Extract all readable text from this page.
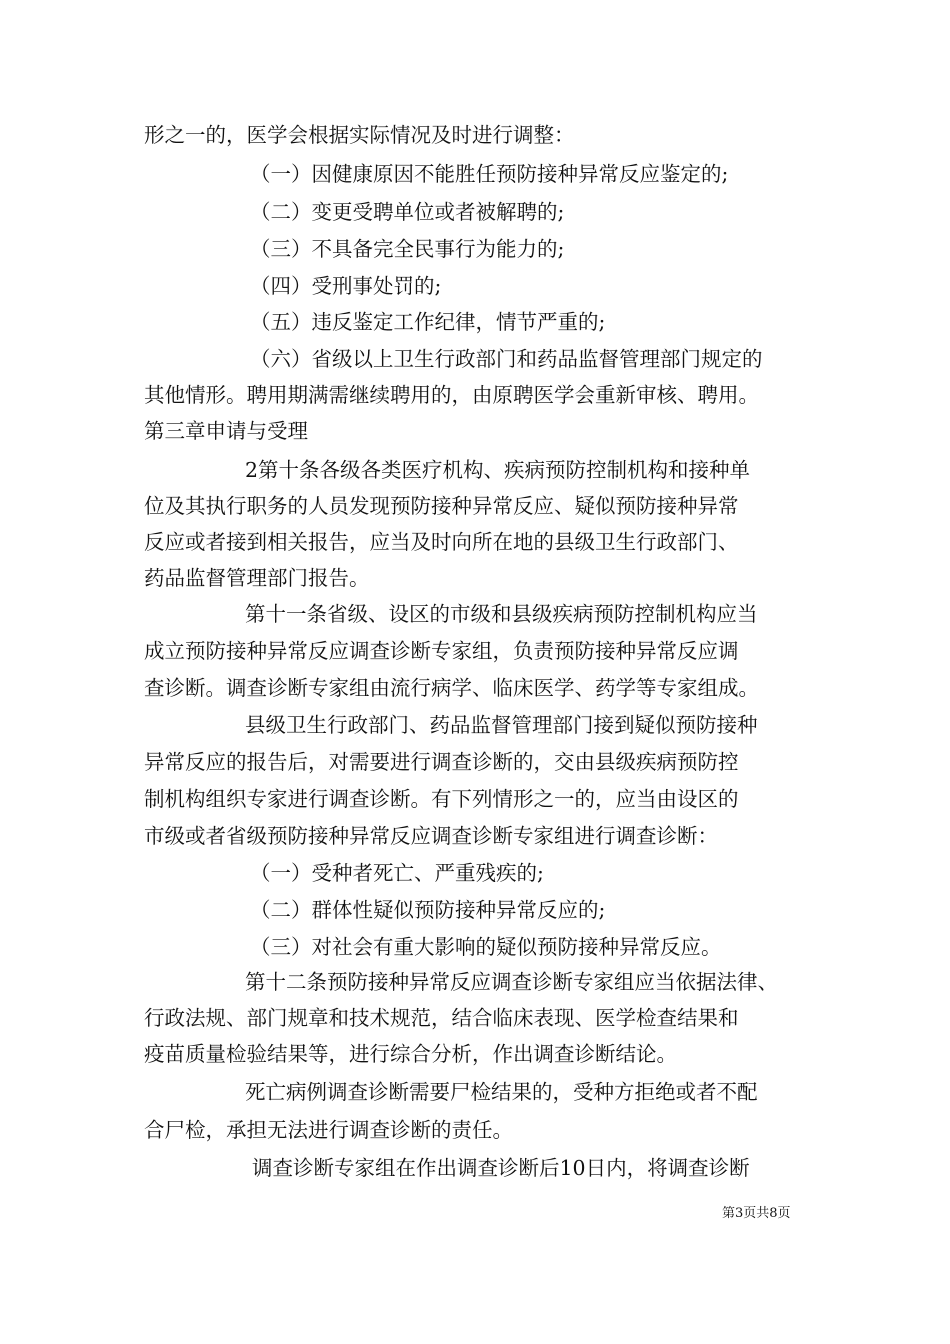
形之一的，医学会根据实际情况及时进行调整：
（一）因健康原因不能胜任预防接种异常反应鉴定的;
（二）变更受聘单位或者被解聘的;
（三）不具备完全民事行为能力的;
（四）受刑事处罚的;
（五）违反鉴定工作纪律，情节严重的;
（六）省级以上卫生行政部门和药品监督管理部门规定的
其他情形。聘用期满需继续聘用的，由原聘医学会重新审核、聘用。
第三章申请与受理
2第十条各级各类医疗机构、疾病预防控制机构和接种单
位及其执行职务的人员发现预防接种异常反应、疑似预防接种异常
反应或者接到相关报告，应当及时向所在地的县级卫生行政部门、
药品监督管理部门报告。
第十一条省级、设区的市级和县级疾病预防控制机构应当
成立预防接种异常反应调查诊断专家组，负责预防接种异常反应调
查诊断。调查诊断专家组由流行病学、临床医学、药学等专家组成。
县级卫生行政部门、药品监督管理部门接到疑似预防接种
异常反应的报告后，对需要进行调查诊断的，交由县级疾病预防控
制机构组织专家进行调查诊断。有下列情形之一的，应当由设区的
市级或者省级预防接种异常反应调查诊断专家组进行调查诊断：
（一）受种者死亡、严重残疾的;
（二）群体性疑似预防接种异常反应的;
（三）对社会有重大影响的疑似预防接种异常反应。
第十二条预防接种异常反应调查诊断专家组应当依据法律、
行政法规、部门规章和技术规范，结合临床表现、医学检查结果和
疫苗质量检验结果等，进行综合分析，作出调查诊断结论。
死亡病例调查诊断需要尸检结果的，受种方拒绝或者不配
合尸检，承担无法进行调查诊断的责任。
调查诊断专家组在作出调查诊断后10日内，将调查诊断
第3页共8页
